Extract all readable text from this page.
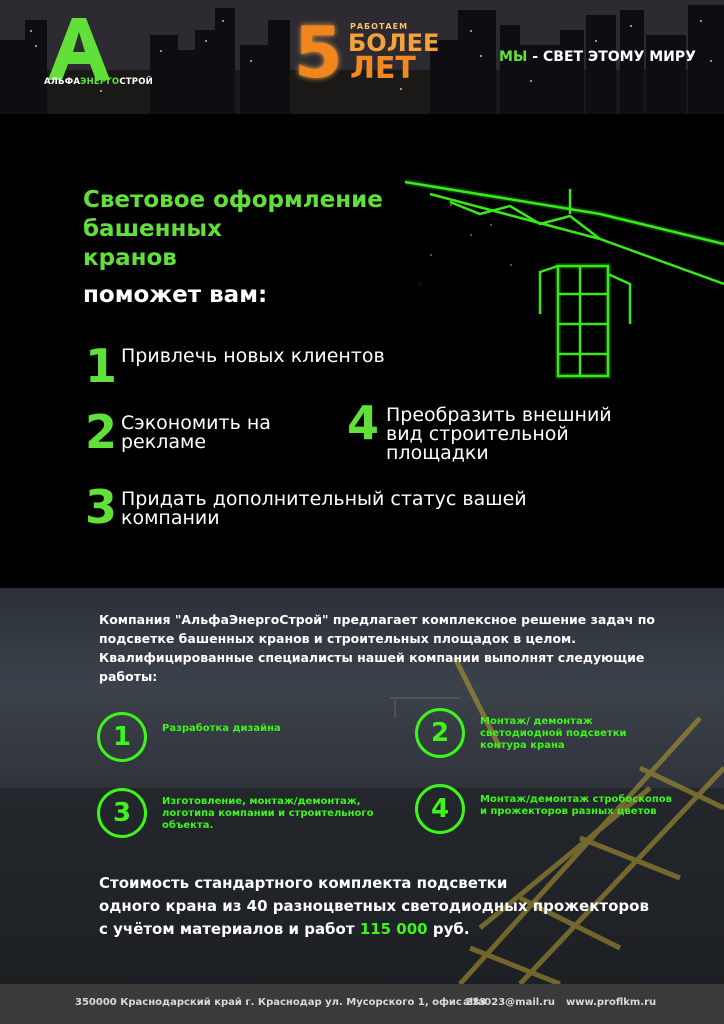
АЛЬФАЭНЕРГОСТРОЙ 5 РАБОТАЕМ
БОЛЕЕ
ЛЕТ	МЫ - СВЕТ ЭТОМУ МИРУ
Световое оформление
башенных
кранов
поможет вам:
1 Привлечь новых клиентов
2 Сэкономить на
рекламе
3 Придать дополнительный статус вашей
компании
4 Преобразить внешний
вид строительной
площадки
Компания "АльфаЭнергоСтрой" предлагает комплексное решение задач по
подсветке башенных кранов и строительных площадок в целом.
Квалифицированные специалисты нашей компании выполнят следующие
работы:
1	Разработка дизайна	2	Монтаж/ демонтаж
светодиодной подсветки
контура крана
3	Изготовление, монтаж/демонтаж,
логотипа компании и строительного
объекта.
4	Монтаж/демонтаж стробоскопов
и прожекторов разных цветов
Стоимость стандартного комплекта подсветки
одного крана из 40 разноцветных светодиодных прожекторов
с учётом материалов и работ 115 000 руб.
350000 Краснодарский край г. Краснодар ул. Мусорского 1, офис 233
alfa023@mail.ru www.proflkm.ru
